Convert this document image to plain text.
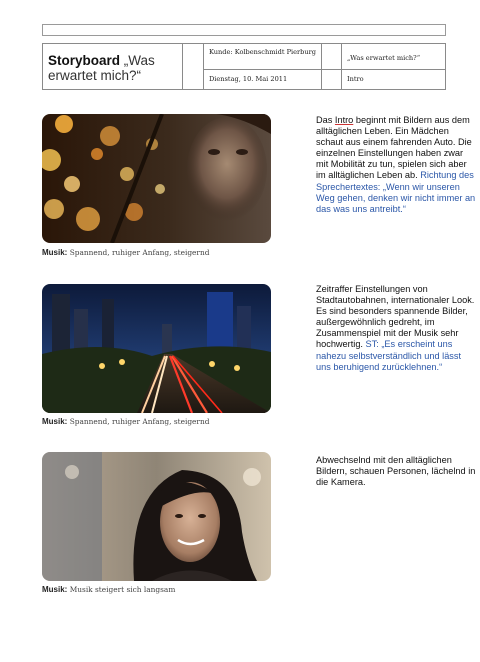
Storyboard „Was erwartet mich?“
Kunde: Kolbenschmidt Pierburg
„Was erwartet mich?“
Dienstag, 10. Mai 2011	Intro
Musik: Spannend, ruhiger Anfang, steigernd
Das Intro beginnt mit Bildern aus dem alltäglichen Leben. Ein Mädchen schaut aus einem fahrenden Auto. Die einzelnen Einstellungen haben zwar mit Mobilität zu tun, spielen sich aber im alltäglichen Leben ab. Richtung des Sprechertextes: „Wenn wir unseren Weg gehen, denken wir nicht immer an das was uns antreibt.“
Musik: Spannend, ruhiger Anfang, steigernd
Zeitraffer Einstellungen von Stadtautobahnen, internationaler Look. Es sind besonders spannende Bilder, außergewöhnlich gedreht, im Zusammenspiel mit der Musik sehr hochwertig. ST: „Es erscheint uns nahezu selbstverständlich und lässt uns beruhigend zurücklehnen.“
Musik: Musik steigert sich langsam
Abwechselnd mit den alltäglichen Bildern, schauen Personen, lächelnd in die Kamera.
